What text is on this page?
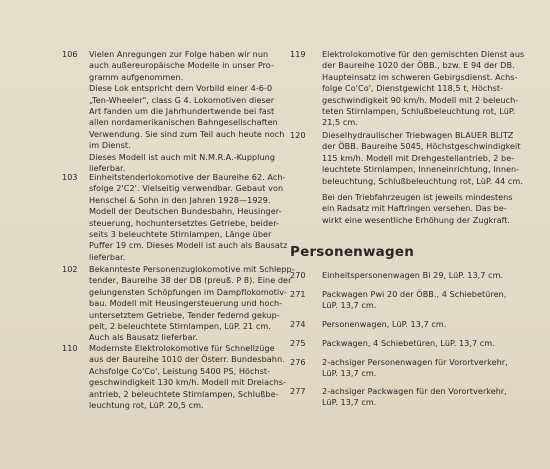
106 Vielen Anregungen zur Folge haben wir nun
auch außereuropäische Modelle in unser Pro-
gramm aufgenommen.
Diese Lok entspricht dem Vorbild einer 4-6-0
„Ten-Wheeler", class G 4. Lokomotiven dieser
Art fanden um die Jahrhundertwende bei fast
allen nordamerikanischen Bahngesellschaften
Verwendung. Sie sind zum Teil auch heute noch
im Dienst.
Dieses Modell ist auch mit N.M.R.A.-Kupplung
lieferbar.
103 Einheitstenderlokomotive der Baureihe 62. Ach-
sfolge 2'C2'. Vielseitig verwendbar. Gebaut von
Henschel & Sohn in den Jahren 1928—1929.
Modell der Deutschen Bundesbahn, Heusinger-
steuerung, hochuntersetztes Getriebe, beider-
seits 3 beleuchtete Stirnlampen, Länge über
Puffer 19 cm. Dieses Modell ist auch als Bausatz
lieferbar.
102 Bekannteste Personenzuglokomotive mit Schlepp-
tender, Baureihe 38 der DB (preuß. P 8). Eine der
gelungensten Schöpfungen im Dampflokomotiv-
bau. Modell mit Heusingersteuerung und hoch-
untersetztem Getriebe, Tender federnd gekup-
pelt, 2 beleuchtete Stirnlampen, LüP. 21 cm.
Auch als Bausatz lieferbar.
110 Modernste Elektrolokomotive für Schnellzüge
aus der Baureihe 1010 der Österr. Bundesbahn.
Achsfolge Co'Co', Leistung 5400 PS, Höchst-
geschwindigkeit 130 km/h. Modell mit Dreiachs-
antrieb, 2 beleuchtete Stirnlampen, Schlußbe-
leuchtung rot, LüP. 20,5 cm.
119 Elektrolokomotive für den gemischten Dienst aus
der Baureihe 1020 der ÖBB., bzw. E 94 der DB.
Haupteinsatz im schweren Gebirgsdienst. Achs-
folge Co'Co', Dienstgewicht 118,5 t, Höchst-
geschwindigkeit 90 km/h. Modell mit 2 beleuch-
teten Stirnlampen, Schlußbeleuchtung rot, LüP.
21,5 cm.
120 Dieselhydraulischer Triebwagen BLAUER BLITZ
der ÖBB. Baureihe 5045, Höchstgeschwindigkeit
115 km/h. Modell mit Drehgestellantrieb, 2 be-
leuchtete Stirnlampen, Inneneinrichtung, Innen-
beleuchtung, Schlußbeleuchtung rot, LüP. 44 cm.
Bei den Triebfahrzeugen ist jeweils mindestens
ein Radsatz mit Haftringen versehen. Das be-
wirkt eine wesentliche Erhöhung der Zugkraft.
Personenwagen
270 Einheitspersonenwagen Bi 29, LüP. 13,7 cm.
271 Packwagen Pwi 20 der ÖBB., 4 Schiebetüren,
LüP. 13,7 cm.
274 Personenwagen, LüP. 13,7 cm.
275 Packwagen, 4 Schiebetüren, LüP. 13,7 cm.
276 2-achsiger Personenwagen für Vorortverkehr,
LüP. 13,7 cm.
277 2-achsiger Packwagen für den Vorortverkehr,
LüP. 13,7 cm.
